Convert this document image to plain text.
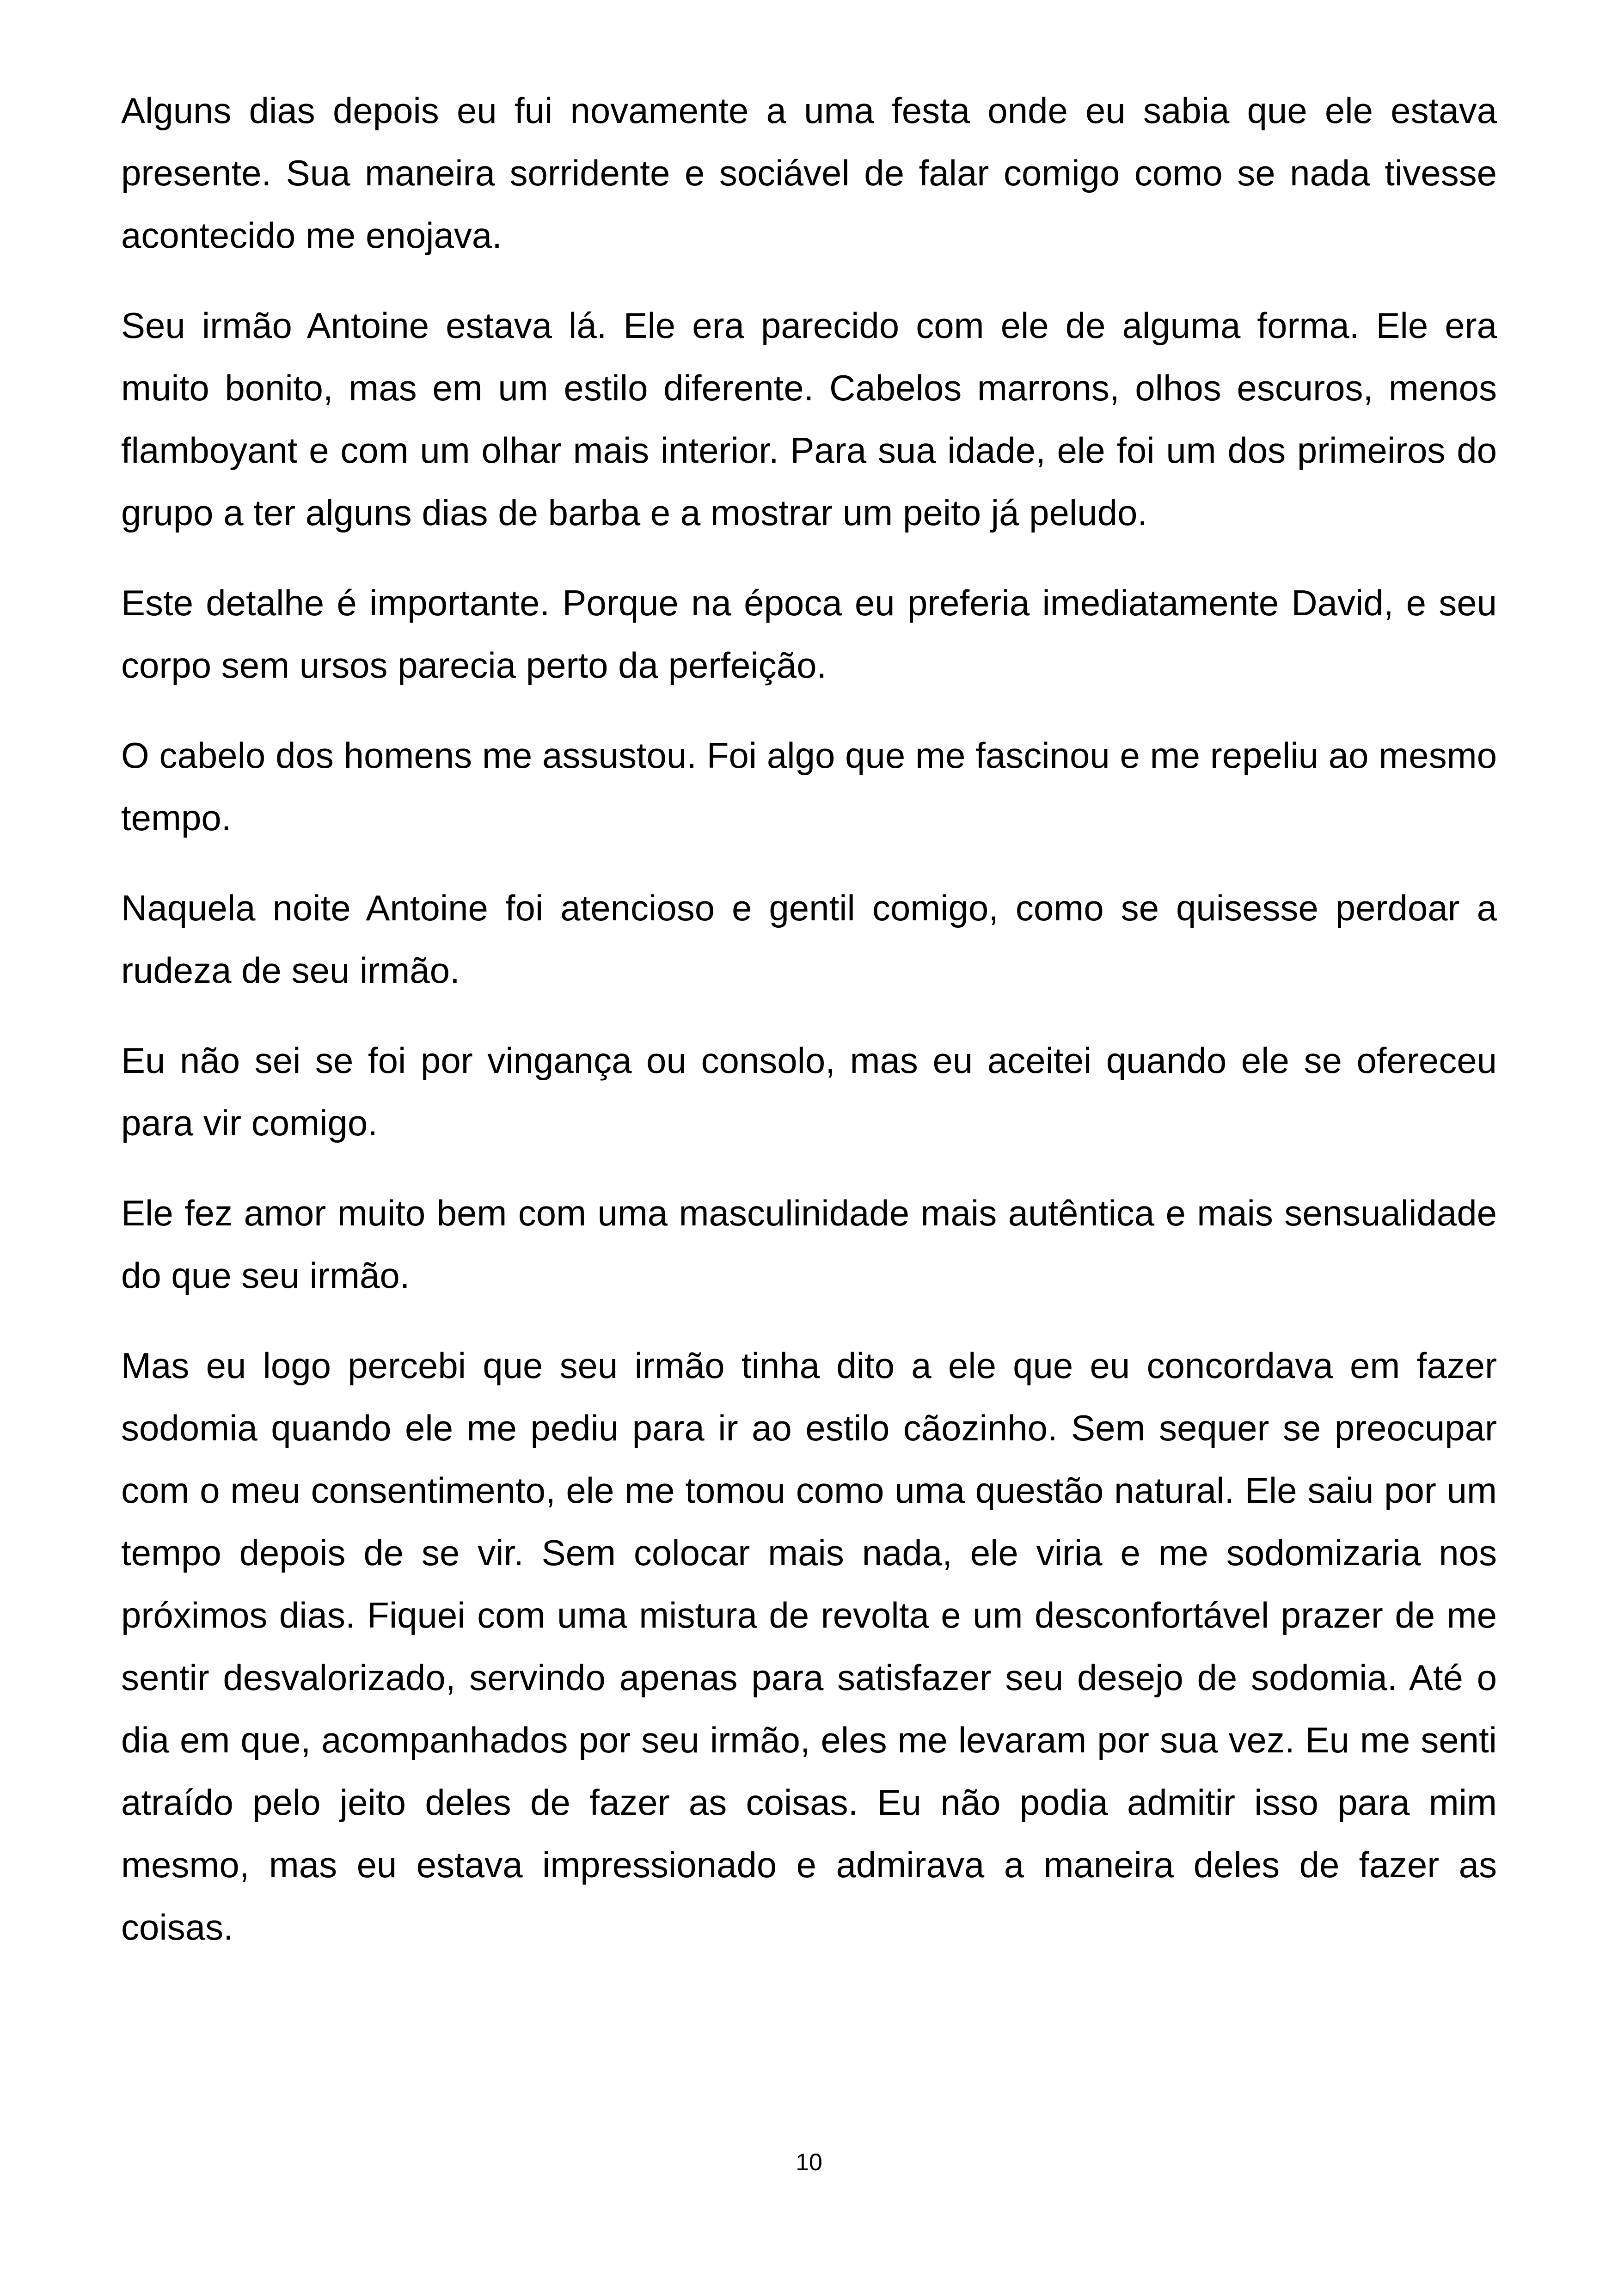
Alguns dias depois eu fui novamente a uma festa onde eu sabia que ele estava presente. Sua maneira sorridente e sociável de falar comigo como se nada tivesse acontecido me enojava.

Seu irmão Antoine estava lá. Ele era parecido com ele de alguma forma. Ele era muito bonito, mas em um estilo diferente. Cabelos marrons, olhos escuros, menos flamboyant e com um olhar mais interior. Para sua idade, ele foi um dos primeiros do grupo a ter alguns dias de barba e a mostrar um peito já peludo.

Este detalhe é importante. Porque na época eu preferia imediatamente David, e seu corpo sem ursos parecia perto da perfeição.

O cabelo dos homens me assustou. Foi algo que me fascinou e me repeliu ao mesmo tempo.

Naquela noite Antoine foi atencioso e gentil comigo, como se quisesse perdoar a rudeza de seu irmão.

Eu não sei se foi por vingança ou consolo, mas eu aceitei quando ele se ofereceu para vir comigo.

Ele fez amor muito bem com uma masculinidade mais autêntica e mais sensualidade do que seu irmão.

Mas eu logo percebi que seu irmão tinha dito a ele que eu concordava em fazer sodomia quando ele me pediu para ir ao estilo cãozinho. Sem sequer se preocupar com o meu consentimento, ele me tomou como uma questão natural. Ele saiu por um tempo depois de se vir. Sem colocar mais nada, ele viria e me sodomizaria nos próximos dias. Fiquei com uma mistura de revolta e um desconfortável prazer de me sentir desvalorizado, servindo apenas para satisfazer seu desejo de sodomia. Até o dia em que, acompanhados por seu irmão, eles me levaram por sua vez. Eu me senti atraído pelo jeito deles de fazer as coisas. Eu não podia admitir isso para mim mesmo, mas eu estava impressionado e admirava a maneira deles de fazer as coisas.

10
